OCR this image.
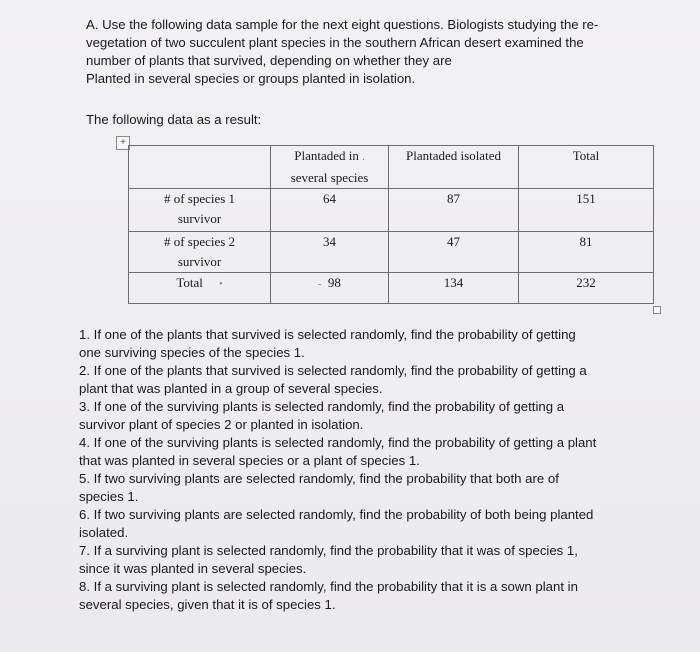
A. Use the following data sample for the next eight questions. Biologists studying the re-
vegetation of two succulent plant species in the southern African desert examined the
number of plants that survived, depending on whether they are
Planted in several species or groups planted in isolation.

The following data as a result:
+
	Plantaded in .
several species	Plantaded isolated	Total
# of species 1
survivor	64	87	151
# of species 2
survivor	34	47	81
Total •	- 98	134	232
1. If one of the plants that survived is selected randomly, find the probability of getting
one surviving species of the species 1.
2. If one of the plants that survived is selected randomly, find the probability of getting a
plant that was planted in a group of several species.
3. If one of the surviving plants is selected randomly, find the probability of getting a
survivor plant of species 2 or planted in isolation.
4. If one of the surviving plants is selected randomly, find the probability of getting a plant
that was planted in several species or a plant of species 1.
5. If two surviving plants are selected randomly, find the probability that both are of
species 1.
6. If two surviving plants are selected randomly, find the probability of both being planted
isolated.
7. If a surviving plant is selected randomly, find the probability that it was of species 1,
since it was planted in several species.
8. If a surviving plant is selected randomly, find the probability that it is a sown plant in
several species, given that it is of species 1.
